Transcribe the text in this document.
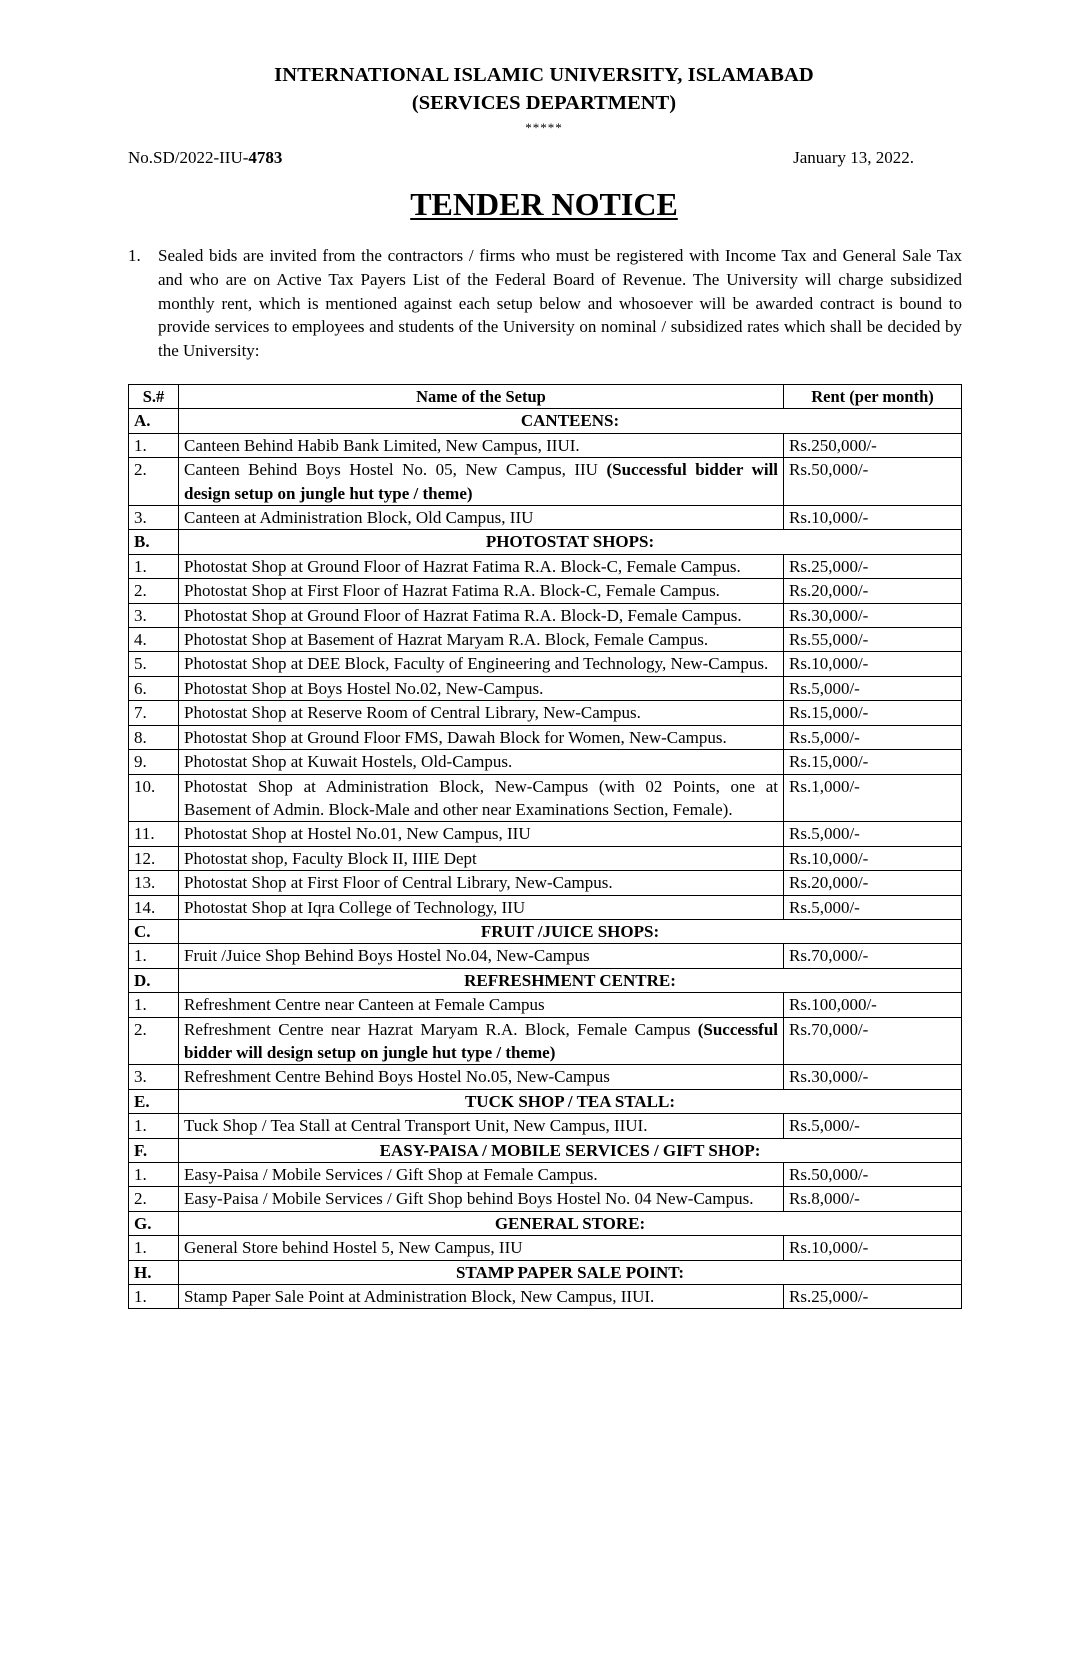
INTERNATIONAL ISLAMIC UNIVERSITY, ISLAMABAD
(SERVICES DEPARTMENT)
*****
No.SD/2022-IIU-4783	January 13, 2022.
TENDER NOTICE
1. Sealed bids are invited from the contractors / firms who must be registered with Income Tax and General Sale Tax and who are on Active Tax Payers List of the Federal Board of Revenue. The University will charge subsidized monthly rent, which is mentioned against each setup below and whosoever will be awarded contract is bound to provide services to employees and students of the University on nominal / subsidized rates which shall be decided by the University:
S.#	Name of the Setup	Rent (per month)
A.	CANTEENS:	
1.	Canteen Behind Habib Bank Limited, New Campus, IIUI.	Rs.250,000/-
2.	Canteen Behind Boys Hostel No. 05, New Campus, IIU (Successful bidder will design setup on jungle hut type / theme)	Rs.50,000/-
3.	Canteen at Administration Block, Old Campus, IIU	Rs.10,000/-
B.	PHOTOSTAT SHOPS:	
1.	Photostat Shop at Ground Floor of Hazrat Fatima R.A. Block-C, Female Campus.	Rs.25,000/-
2.	Photostat Shop at First Floor of Hazrat Fatima R.A. Block-C, Female Campus.	Rs.20,000/-
3.	Photostat Shop at Ground Floor of Hazrat Fatima R.A. Block-D, Female Campus.	Rs.30,000/-
4.	Photostat Shop at Basement of Hazrat Maryam R.A. Block, Female Campus.	Rs.55,000/-
5.	Photostat Shop at DEE Block, Faculty of Engineering and Technology, New-Campus.	Rs.10,000/-
6.	Photostat Shop at Boys Hostel No.02, New-Campus.	Rs.5,000/-
7.	Photostat Shop at Reserve Room of Central Library, New-Campus.	Rs.15,000/-
8.	Photostat Shop at Ground Floor FMS, Dawah Block for Women, New-Campus.	Rs.5,000/-
9.	Photostat Shop at Kuwait Hostels, Old-Campus.	Rs.15,000/-
10.	Photostat Shop at Administration Block, New-Campus (with 02 Points, one at Basement of Admin. Block-Male and other near Examinations Section, Female).	Rs.1,000/-
11.	Photostat Shop at Hostel No.01, New Campus, IIU	Rs.5,000/-
12.	Photostat shop, Faculty Block II, IIIE Dept	Rs.10,000/-
13.	Photostat Shop at First Floor of Central Library, New-Campus.	Rs.20,000/-
14.	Photostat Shop at Iqra College of Technology, IIU	Rs.5,000/-
C.	FRUIT /JUICE SHOPS:	
1.	Fruit /Juice Shop Behind Boys Hostel No.04, New-Campus	Rs.70,000/-
D.	REFRESHMENT CENTRE:	
1.	Refreshment Centre near Canteen at Female Campus	Rs.100,000/-
2.	Refreshment Centre near Hazrat Maryam R.A. Block, Female Campus (Successful bidder will design setup on jungle hut type / theme)	Rs.70,000/-
3.	Refreshment Centre Behind Boys Hostel No.05, New-Campus	Rs.30,000/-
E.	TUCK SHOP / TEA STALL:	
1.	Tuck Shop / Tea Stall at Central Transport Unit, New Campus, IIUI.	Rs.5,000/-
F.	EASY-PAISA / MOBILE SERVICES / GIFT SHOP:	
1.	Easy-Paisa / Mobile Services / Gift Shop at Female Campus.	Rs.50,000/-
2.	Easy-Paisa / Mobile Services / Gift Shop behind Boys Hostel No. 04 New-Campus.	Rs.8,000/-
G.	GENERAL STORE:	
1.	General Store behind Hostel 5, New Campus, IIU	Rs.10,000/-
H.	STAMP PAPER SALE POINT:	
1.	Stamp Paper Sale Point at Administration Block, New Campus, IIUI.	Rs.25,000/-
